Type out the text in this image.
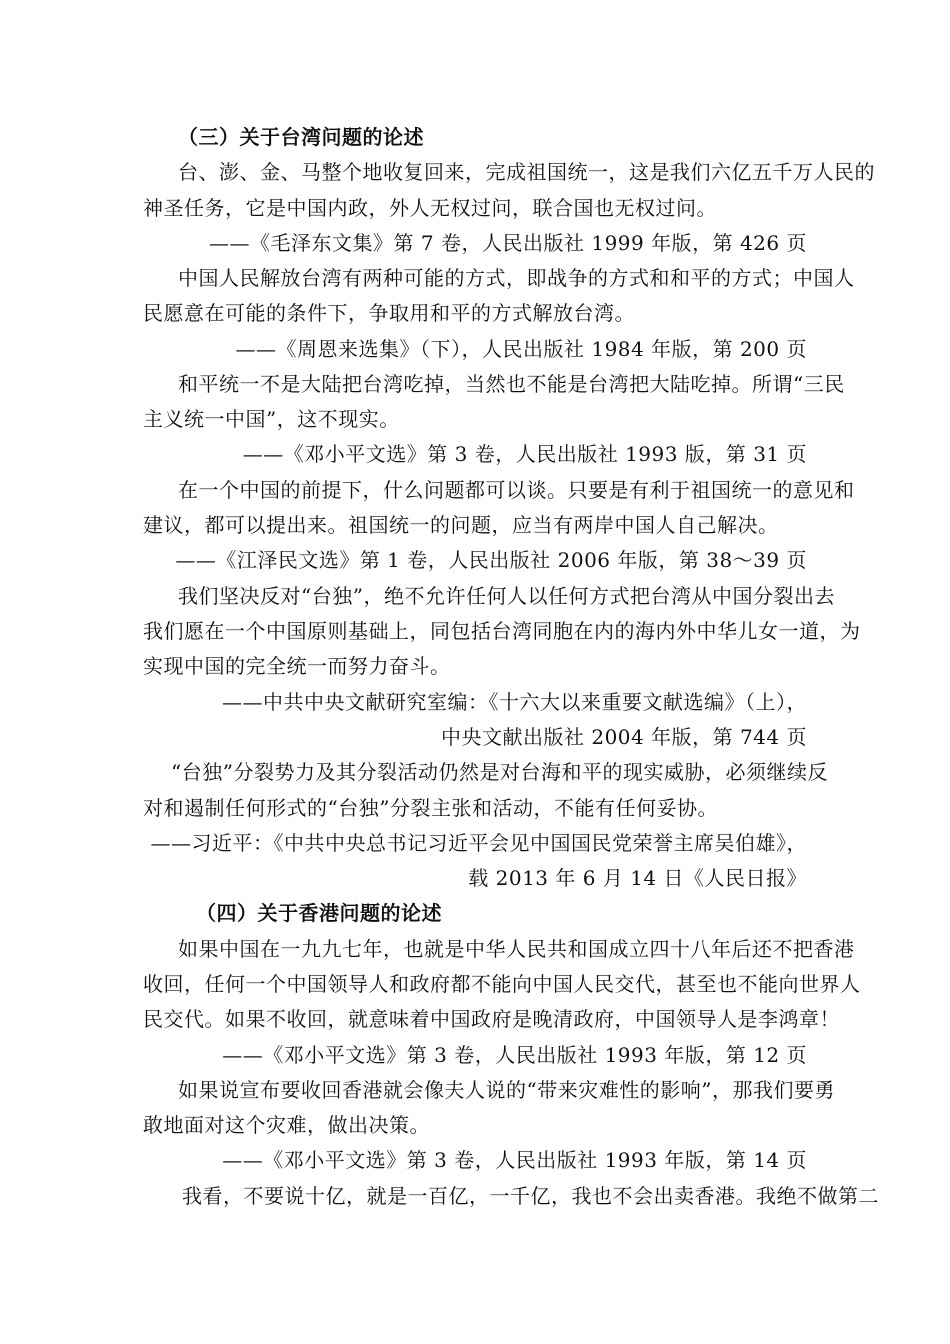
（三）关于台湾问题的论述
台、澎、金、马整个地收复回来，完成祖国统一，这是我们六亿五千万人民的
神圣任务，它是中国内政，外人无权过问，联合国也无权过问。
——《毛泽东文集》第 7 卷，人民出版社 1999 年版，第 426 页
中国人民解放台湾有两种可能的方式，即战争的方式和和平的方式；中国人
民愿意在可能的条件下，争取用和平的方式解放台湾。
——《周恩来选集》（下），人民出版社 1984 年版，第 200 页
和平统一不是大陆把台湾吃掉，当然也不能是台湾把大陆吃掉。所谓“三民
主义统一中国”，这不现实。
——《邓小平文选》第 3 卷，人民出版社 1993 版，第 31 页
在一个中国的前提下，什么问题都可以谈。只要是有利于祖国统一的意见和
建议，都可以提出来。祖国统一的问题，应当有两岸中国人自己解决。
——《江泽民文选》第 1 卷，人民出版社 2006 年版，第 38～39 页
我们坚决反对“台独”，绝不允许任何人以任何方式把台湾从中国分裂出去
我们愿在一个中国原则基础上，同包括台湾同胞在内的海内外中华儿女一道，为
实现中国的完全统一而努力奋斗。
——中共中央文献研究室编：《十六大以来重要文献选编》（上），
中央文献出版社 2004 年版，第 744 页
“台独”分裂势力及其分裂活动仍然是对台海和平的现实威胁，必须继续反
对和遏制任何形式的“台独”分裂主张和活动，不能有任何妥协。
——习近平：《中共中央总书记习近平会见中国国民党荣誉主席吴伯雄》，
载 2013 年 6 月 14 日《人民日报》
（四）关于香港问题的论述
如果中国在一九九七年，也就是中华人民共和国成立四十八年后还不把香港
收回，任何一个中国领导人和政府都不能向中国人民交代，甚至也不能向世界人
民交代。如果不收回，就意味着中国政府是晚清政府，中国领导人是李鸿章！
——《邓小平文选》第 3 卷，人民出版社 1993 年版，第 12 页
如果说宣布要收回香港就会像夫人说的“带来灾难性的影响”，那我们要勇
敢地面对这个灾难，做出决策。
——《邓小平文选》第 3 卷，人民出版社 1993 年版，第 14 页
我看，不要说十亿，就是一百亿，一千亿，我也不会出卖香港。我绝不做第二
